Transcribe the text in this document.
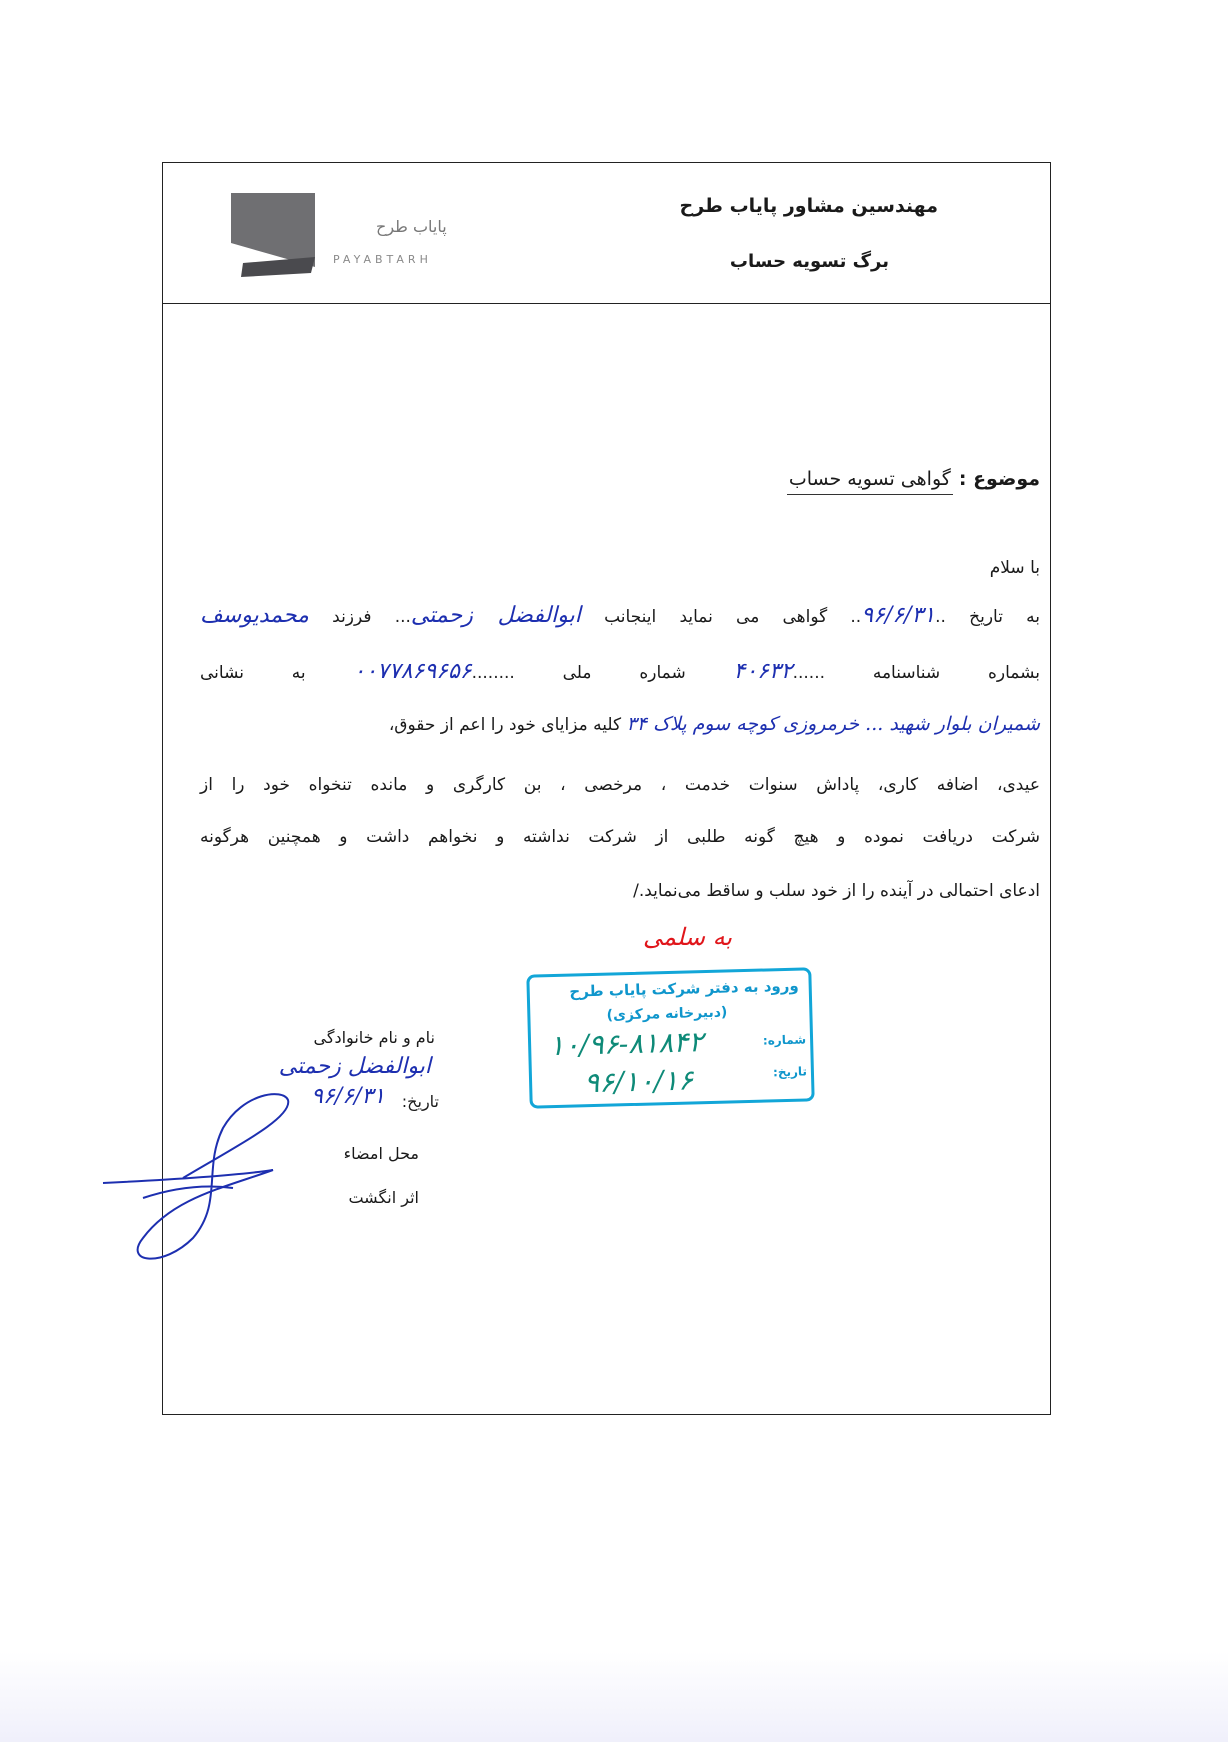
پایاب طرح
PAYABTARH
مهندسین مشاور پایاب طرح
برگ تسویه حساب
موضوع : گواهی تسویه حساب
با سلام
به تاریخ ..۹۶/۶/۳۱.. گواهی می نماید اینجانب ابوالفضل زحمتی... فرزند محمدیوسف
بشماره شناسنامه ......۴۰۶۳۲ شماره ملی ........۰۰۷۷۸۶۹۶۵۶ به نشانی
شمیران بلوار شهید ... خرمروزی کوچه سوم پلاک ۳۴ کلیه مزایای خود را اعم از حقوق،
عیدی، اضافه کاری، پاداش سنوات خدمت ، مرخصی ، بن کارگری و مانده تنخواه خود را از
شرکت دریافت نموده و هیچ گونه طلبی از شرکت نداشته و نخواهم داشت و همچنین هرگونه
ادعای احتمالی در آینده را از خود سلب و ساقط می‌نماید./
به سلمی
ورود به دفتر شرکت پایاب طرح
(دبیرخانه مرکزی)
شماره:
۱۰/۹۶-۸۱۸۴۲
تاریخ:
۹۶/۱۰/۱۶
نام و نام خانوادگی
ابوالفضل زحمتی
تاریخ:
۹۶/۶/۳۱
محل امضاء
اثر انگشت
